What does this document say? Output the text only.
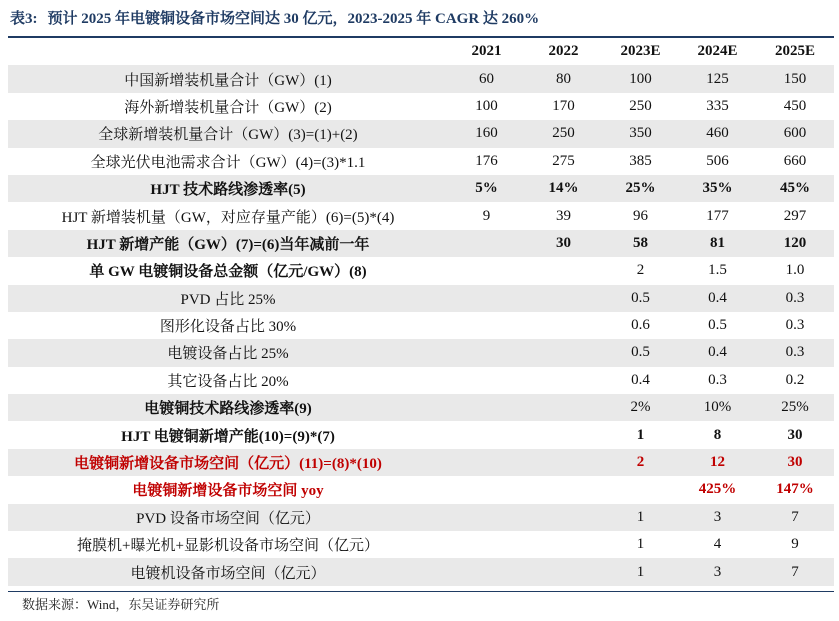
表3: 预计 2025 年电镀铜设备市场空间达 30 亿元，2023-2025 年 CAGR 达 260%
	2021	2022	2023E	2024E	2025E
中国新增装机量合计（GW）(1)	60	80	100	125	150
海外新增装机量合计（GW）(2)	100	170	250	335	450
全球新增装机量合计（GW）(3)=(1)+(2)	160	250	350	460	600
全球光伏电池需求合计（GW）(4)=(3)*1.1	176	275	385	506	660
HJT 技术路线渗透率(5)	5%	14%	25%	35%	45%
HJT 新增装机量（GW，对应存量产能）(6)=(5)*(4)	9	39	96	177	297
HJT 新增产能（GW）(7)=(6)当年减前一年		30	58	81	120
单 GW 电镀铜设备总金额（亿元/GW）(8)			2	1.5	1.0
PVD 占比 25%			0.5	0.4	0.3
图形化设备占比 30%			0.6	0.5	0.3
电镀设备占比 25%			0.5	0.4	0.3
其它设备占比 20%			0.4	0.3	0.2
电镀铜技术路线渗透率(9)			2%	10%	25%
HJT 电镀铜新增产能(10)=(9)*(7)			1	8	30
电镀铜新增设备市场空间（亿元）(11)=(8)*(10)			2	12	30
电镀铜新增设备市场空间 yoy				425%	147%
PVD 设备市场空间（亿元）			1	3	7
掩膜机+曝光机+显影机设备市场空间（亿元）			1	4	9
电镀机设备市场空间（亿元）			1	3	7
数据来源：Wind，东吴证券研究所
